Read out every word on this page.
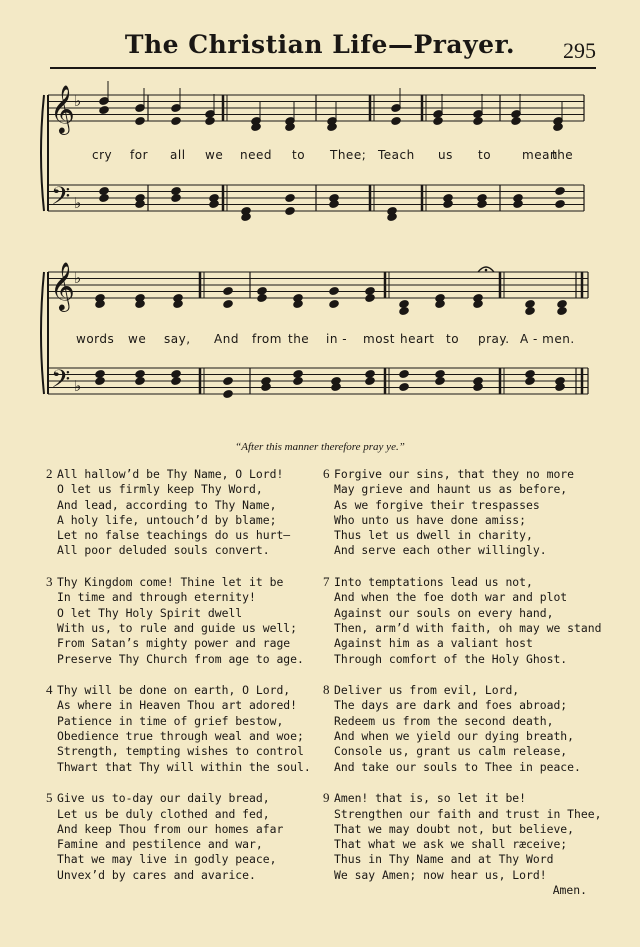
The Christian Life—Prayer.	295
𝄞
𝄢
♭
♭
𝄞
𝄢
♭
♭
cry for all we need to Thee; Teach us to	mean
the
words we say, And from the in - most heart to pray. A - men.
“After this manner therefore pray ye.”
2 All hallow’d be Thy Name, O Lord!
O let us firmly keep Thy Word,
And lead, according to Thy Name,
A holy life, untouch’d by blame;
Let no false teachings do us hurt—
All poor deluded souls convert.
3 Thy Kingdom come! Thine let it be
In time and through eternity!
O let Thy Holy Spirit dwell
With us, to rule and guide us well;
From Satan’s mighty power and rage
Preserve Thy Church from age to age.
4 Thy will be done on earth, O Lord,
As where in Heaven Thou art adored!
Patience in time of grief bestow,
Obedience true through weal and woe;
Strength, tempting wishes to control
Thwart that Thy will within the soul.
5 Give us to-day our daily bread,
Let us be duly clothed and fed,
And keep Thou from our homes afar
Famine and pestilence and war,
That we may live in godly peace,
Unvex’d by cares and avarice.
6 Forgive our sins, that they no more
May grieve and haunt us as before,
As we forgive their trespasses
Who unto us have done amiss;
Thus let us dwell in charity,
And serve each other willingly.
7 Into temptations lead us not,
And when the foe doth war and plot
Against our souls on every hand,
Then, arm’d with faith, oh may we stand
Against him as a valiant host
Through comfort of the Holy Ghost.
8 Deliver us from evil, Lord,
The days are dark and foes abroad;
Redeem us from the second death,
And when we yield our dying breath,
Console us, grant us calm release,
And take our souls to Thee in peace.
9 Amen! that is, so let it be!
Strengthen our faith and trust in Thee,
That we may doubt not, but believe,
That what we ask we shall ræceive;
Thus in Thy Name and at Thy Word
We say Amen; now hear us, Lord!
Amen.
